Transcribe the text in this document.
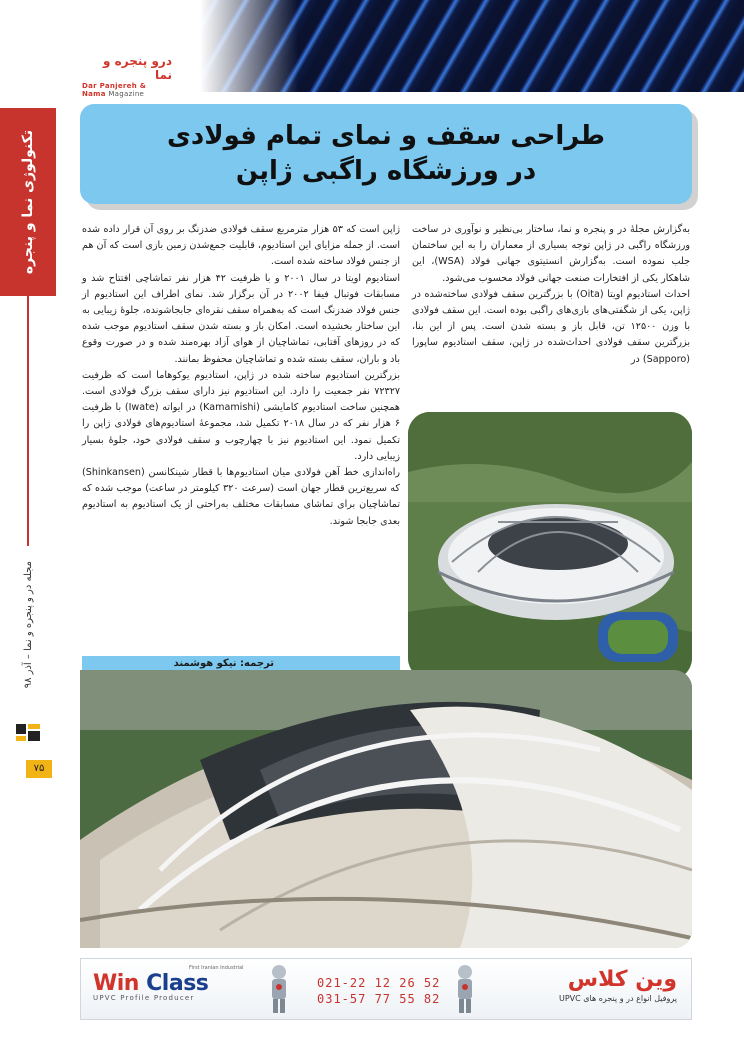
درو پنجره و نما
Dar Panjereh & Nama Magazine
تکنولوژی نما و پنجره
مجله در و پنجره و نما – آذر ۹۸
۷۵
طراحی سقف و نمای تمام فولادی
در ورزشگاه راگبی ژاپن

به‌گزارش مجلهٔ در و پنجره و نما، ساختار بی‌نظیر و نوآوری در ساخت ورزشگاه راگبی در ژاپن توجه بسیاری از معماران را به این ساختمان جلب نموده است. به‌گزارش انستیتوی جهانی فولاد (WSA)، این شاهکار یکی از افتخارات صنعت جهانی فولاد محسوب می‌شود.

احداث استادیوم اویتا (Oita) با بزرگترین سقف فولادی ساخته‌شده در ژاپن، یکی از شگفتی‌های بازی‌های راگبی بوده است. این سقف فولادی با وزن ۱۲۵۰۰ تن، قابل باز و بسته شدن است. پس از این بنا، بزرگترین سقف فولادی احداث‌شده در ژاپن، سقف استادیوم ساپورا (Sapporo) در

ژاپن است که ۵۳ هزار مترمربع سقف فولادی ضدزنگ بر روی آن قرار داده شده است. از جمله مزایای این استادیوم، قابلیت جمع‌شدن زمین بازی است که آن هم از جنس فولاد ساخته شده است.

استادیوم اویتا در سال ۲۰۰۱ و با ظرفیت ۴۲ هزار نفر تماشاچی افتتاح شد و مسابقات فوتبال فیفا ۲۰۰۲ در آن برگزار شد. نمای اطراف این استادیوم از جنس فولاد ضدزنگ است که به‌همراه سقف نقره‌ای جابجاشونده، جلوهٔ زیبایی به این ساختار بخشیده است. امکان باز و بسته شدن سقف استادیوم موجب شده که در روزهای آفتابی، تماشاچیان از هوای آزاد بهره‌مند شده و در صورت وقوع باد و باران، سقف بسته شده و تماشاچیان محفوظ بمانند.

بزرگترین استادیوم ساخته شده در ژاپن، استادیوم یوکوهاما است که ظرفیت ۷۲۳۲۷ نفر جمعیت را دارد. این استادیوم نیز دارای سقف بزرگ فولادی است. همچنین ساخت استادیوم کامایشی (Kamamishi) در ایواته (Iwate) با ظرفیت ۶ هزار نفر که در سال ۲۰۱۸ تکمیل شد، مجموعهٔ استادیوم‌های فولادی ژاپن را تکمیل نمود. این استادیوم نیز با چهارچوب و سقف فولادی خود، جلوهٔ بسیار زیبایی دارد.

راه‌اندازی خط آهن فولادی میان استادیوم‌ها با قطار شینکانسن (Shinkansen) که سریع‌ترین قطار جهان است (سرعت ۳۲۰ کیلومتر در ساعت) موجب شده که تماشاچیان برای تماشای مسابقات مختلف به‌راحتی از یک استادیوم به استادیوم بعدی جابجا شوند.

ترجمه: نیکو هوشمند
First Iranian Industrial
Win Class
UPVC Profile Producer
021-22 12 26 52
031-57 77 55 82
وین کلاس
پروفیل انواع در و پنجره های UPVC
